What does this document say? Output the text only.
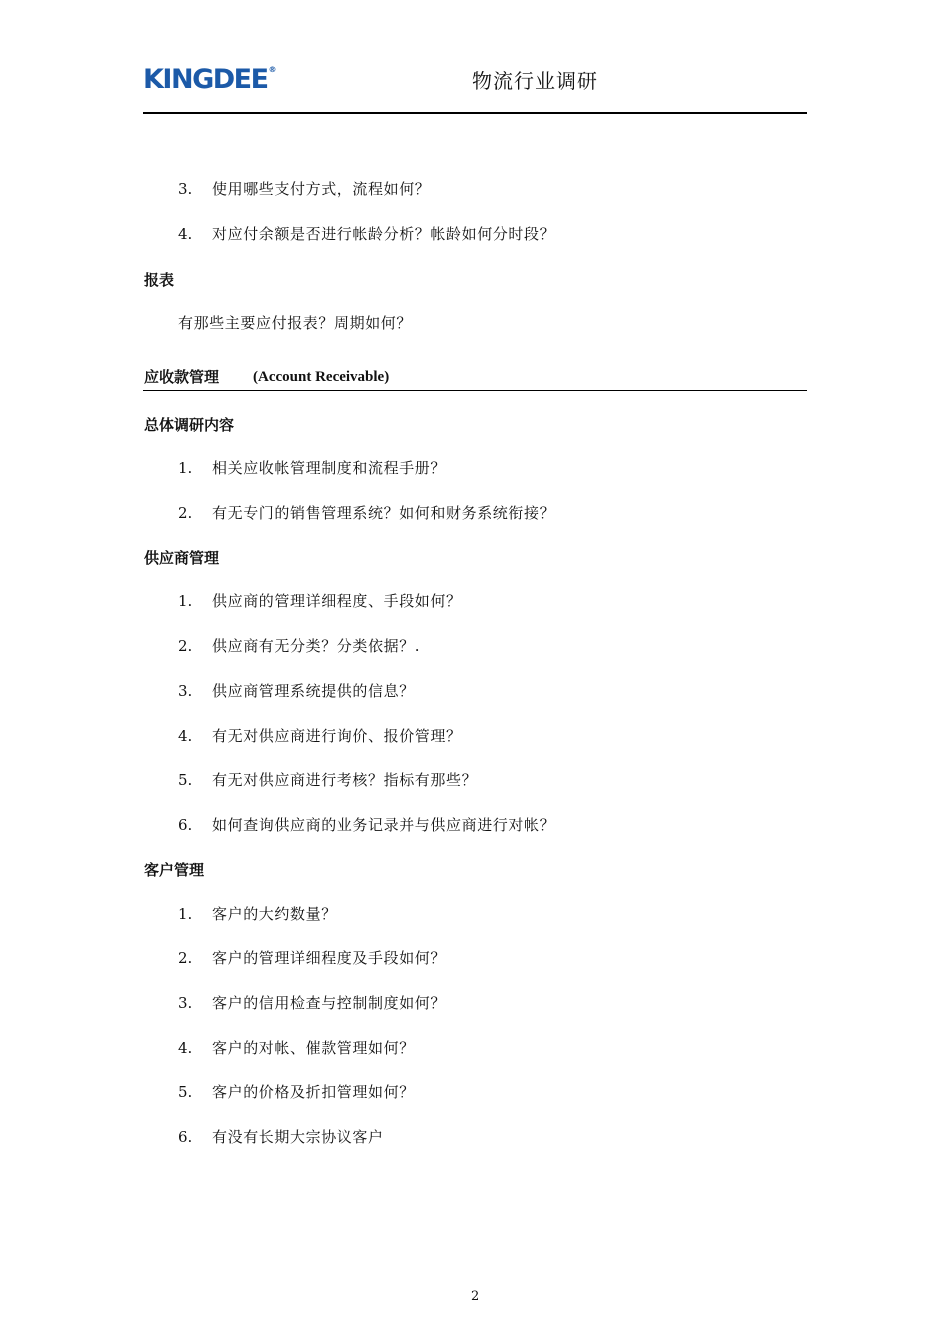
KINGDEE®	物流行业调研
3. 使用哪些支付方式，流程如何？
4. 对应付余额是否进行帐龄分析？帐龄如何分时段？
报表
有那些主要应付报表？周期如何？
应收款管理 (Account Receivable)
总体调研内容
1. 相关应收帐管理制度和流程手册？
2. 有无专门的销售管理系统？如何和财务系统衔接？
供应商管理
1. 供应商的管理详细程度、手段如何？
2. 供应商有无分类？分类依据？.
3. 供应商管理系统提供的信息？
4. 有无对供应商进行询价、报价管理？
5. 有无对供应商进行考核？指标有那些？
6. 如何查询供应商的业务记录并与供应商进行对帐？
客户管理
1. 客户的大约数量？
2. 客户的管理详细程度及手段如何？
3. 客户的信用检查与控制制度如何？
4. 客户的对帐、催款管理如何？
5. 客户的价格及折扣管理如何？
6. 有没有长期大宗协议客户
2
